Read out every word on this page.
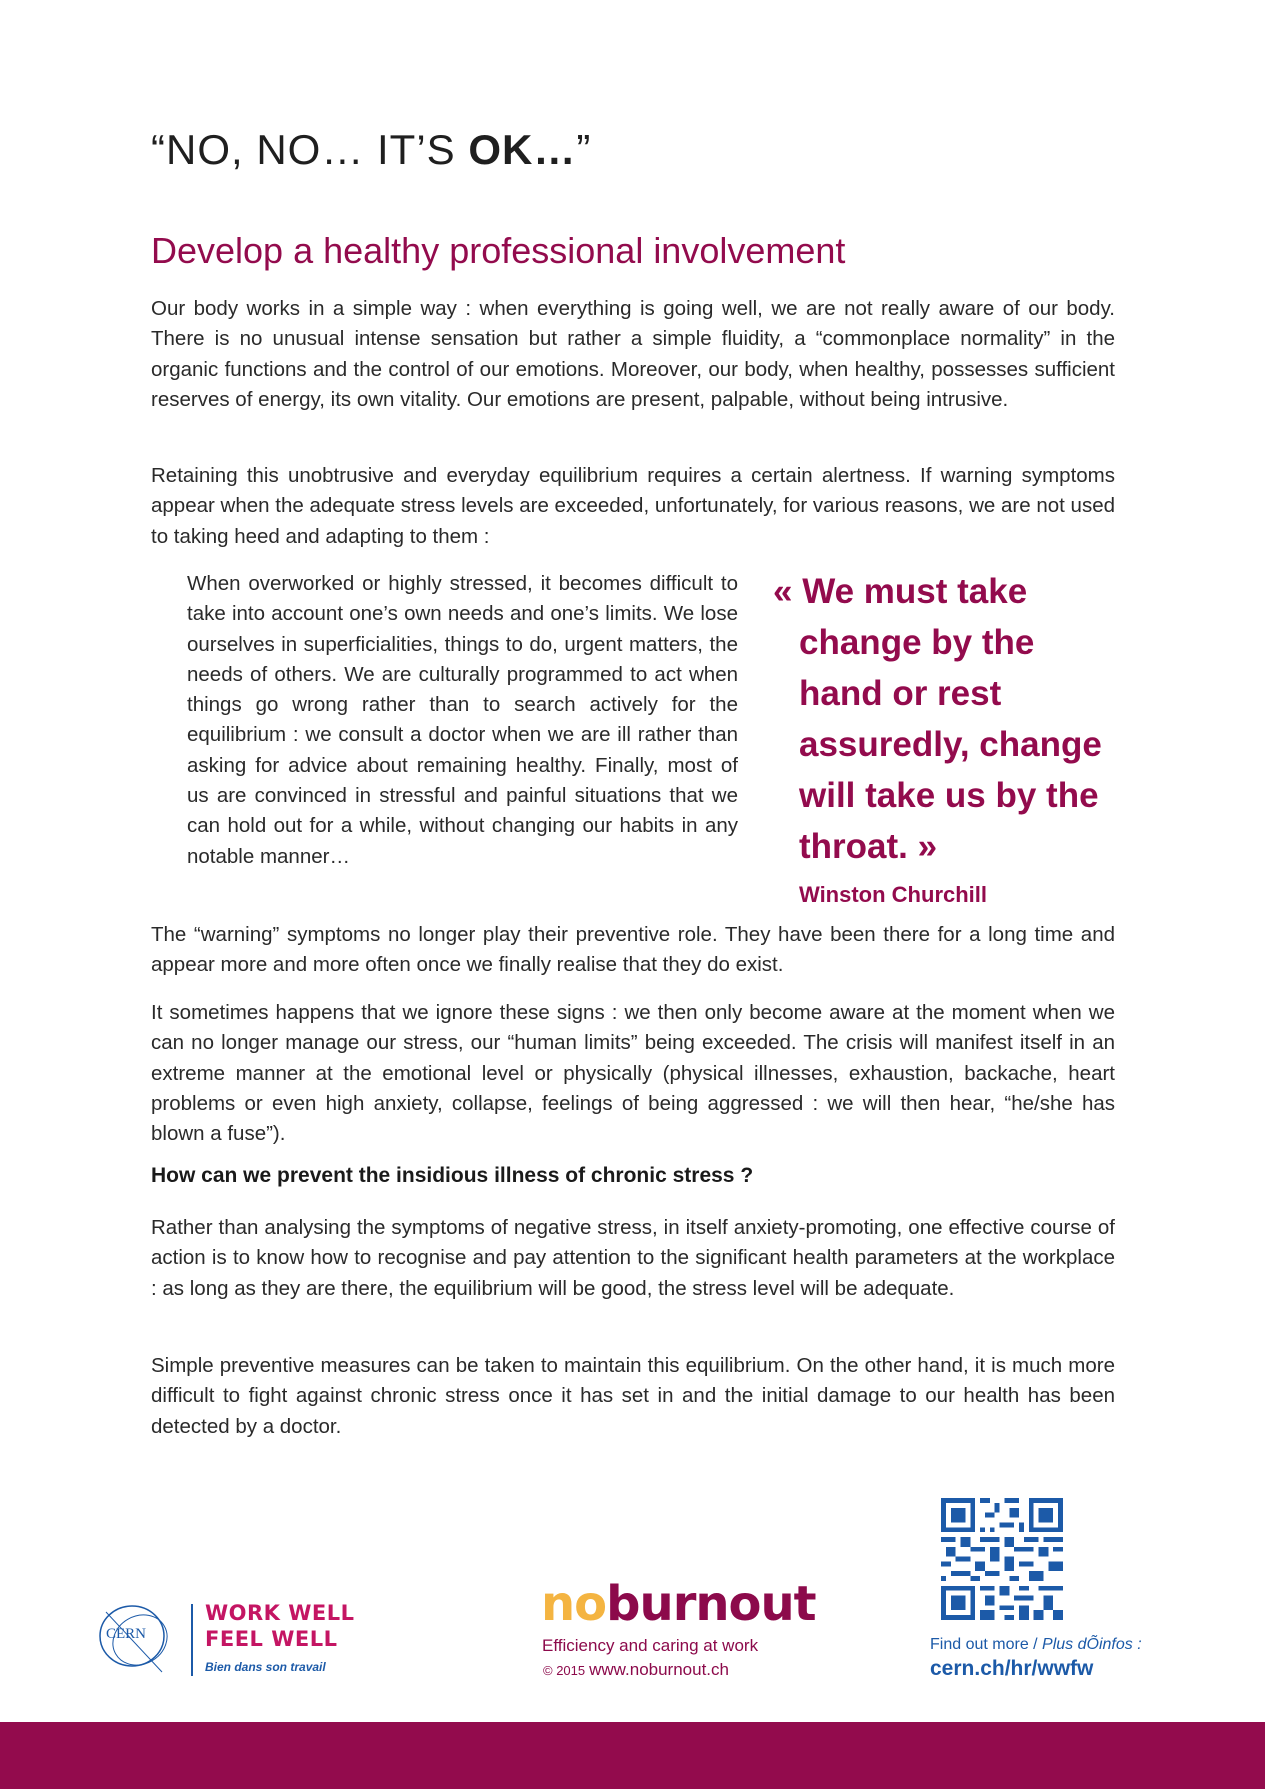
“NO, NO… IT’S OK…”
Develop a healthy professional involvement

Our body works in a simple way : when everything is going well, we are not really aware of our body. There is no unusual intense sensation but rather a simple fluidity, a “commonplace normality” in the organic functions and the control of our emotions. Moreover, our body, when healthy, possesses sufficient reserves of energy, its own vitality. Our emotions are present, palpable, without being intrusive.

Retaining this unobtrusive and everyday equilibrium requires a certain alertness. If warning symptoms appear when the adequate stress levels are exceeded, unfortunately, for various reasons, we are not used to taking heed and adapting to them :

When overworked or highly stressed, it becomes difficult to take into account one’s own needs and one’s limits. We lose ourselves in superficialities, things to do, urgent matters, the needs of others. We are culturally programmed to act when things go wrong rather than to search actively for the equilibrium : we consult a doctor when we are ill rather than asking for advice about remaining healthy. Finally, most of us are convinced in stressful and painful situations that we can hold out for a while, without changing our habits in any notable manner…

« We must take change by the hand or rest assuredly, change will take us by the throat. »

Winston Churchill

The “warning” symptoms no longer play their preventive role. They have been there for a long time and appear more and more often once we finally realise that they do exist.

It sometimes happens that we ignore these signs : we then only become aware at the moment when we can no longer manage our stress, our “human limits” being exceeded. The crisis will manifest itself in an extreme manner at the emotional level or physically (physical illnesses, exhaustion, backache, heart problems or even high anxiety, collapse, feelings of being aggressed : we will then hear, “he/she has blown a fuse”).

How can we prevent the insidious illness of chronic stress ?

Rather than analysing the symptoms of negative stress, in itself anxiety-promoting, one effective course of action is to know how to recognise and pay attention to the significant health parameters at the workplace : as long as they are there, the equilibrium will be good, the stress level will be adequate.

Simple preventive measures can be taken to maintain this equilibrium. On the other hand, it is much more difficult to fight against chronic stress once it has set in and the initial damage to our health has been detected by a doctor.

CERN

WORK WELL
FEEL WELL

Bien dans son travail

noburnout

Efficiency and caring at work

© 2015 www.noburnout.ch

Find out more / Plus dÕinfos :

cern.ch/hr/wwfw
